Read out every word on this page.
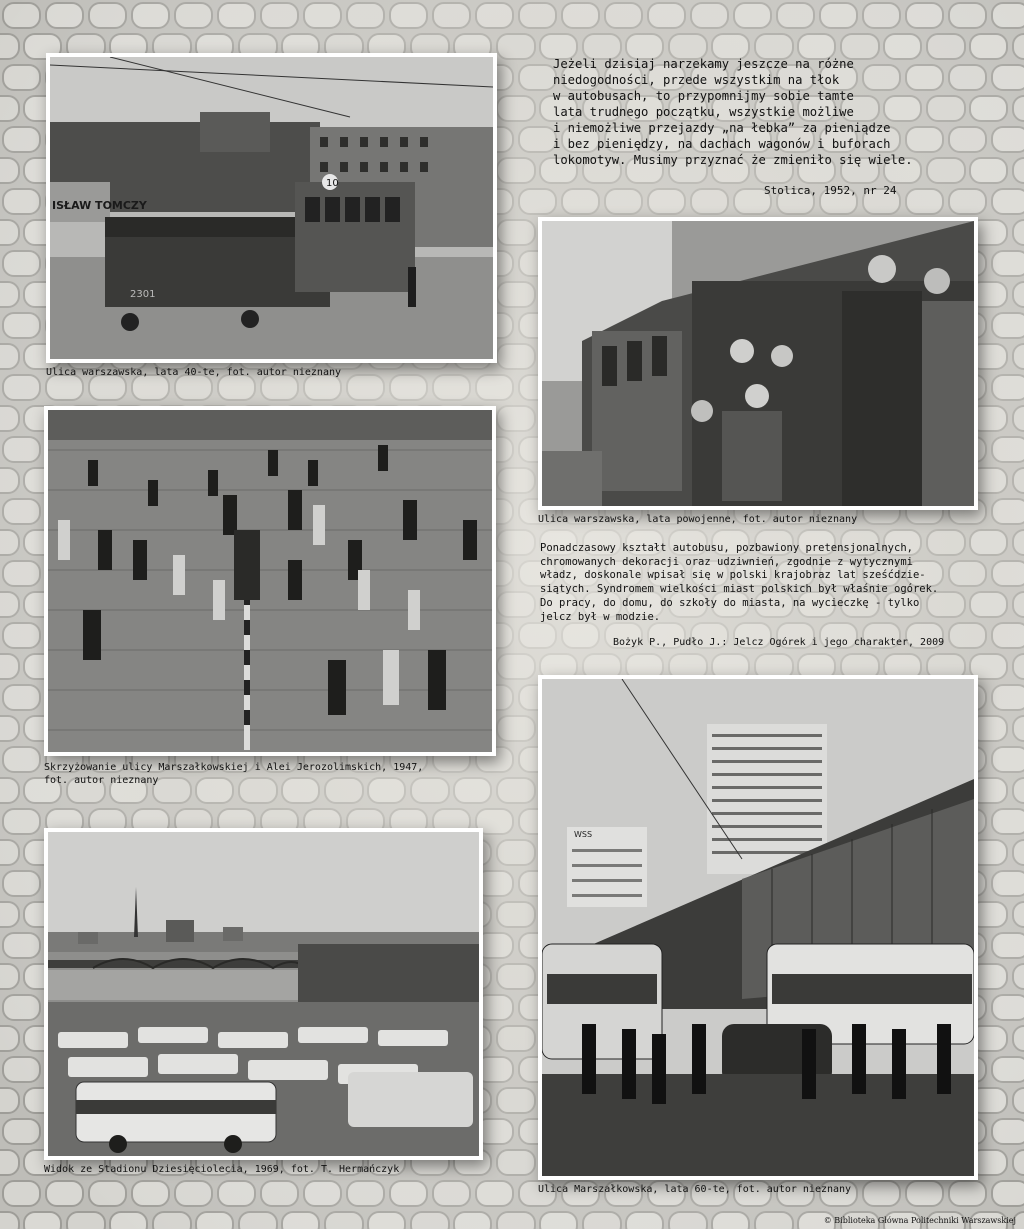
ISŁAW TOMCZY
2301
10
Ulica warszawska, lata 40-te, fot. autor nieznany
Ulica warszawska, lata powojenne, fot. autor nieznany
Skrzyżowanie ulicy Marszałkowskiej i Alei Jerozolimskich, 1947,
fot. autor nieznany
Widok ze Stadionu Dziesięciolecia, 1969, fot. T. Hermańczyk
WSS
Ulica Marszałkowska, lata 60-te, fot. autor nieznany

Jeżeli dzisiaj narzekamy jeszcze na różne

niedogodności, przede wszystkim na tłok

w autobusach, to przypomnijmy sobie tamte

lata trudnego początku, wszystkie możliwe

i niemożliwe przejazdy „na łebka” za pieniądze

i bez pieniędzy, na dachach wagonów i buforach

lokomotyw. Musimy przyznać że zmieniło się wiele.

Stolica, 1952, nr 24

Ponadczasowy kształt autobusu, pozbawiony pretensjonalnych,

chromowanych dekoracji oraz udziwnień, zgodnie z wytycznymi

władz, doskonale wpisał się w polski krajobraz lat sześćdzie-

siątych. Syndromem wielkości miast polskich był właśnie ogórek.

Do pracy, do domu, do szkoły do miasta, na wycieczkę - tylko

jelcz był w modzie.

Bożyk P., Pudło J.: Jelcz Ogórek i jego charakter, 2009
© Biblioteka Główna Politechniki Warszawskiej
